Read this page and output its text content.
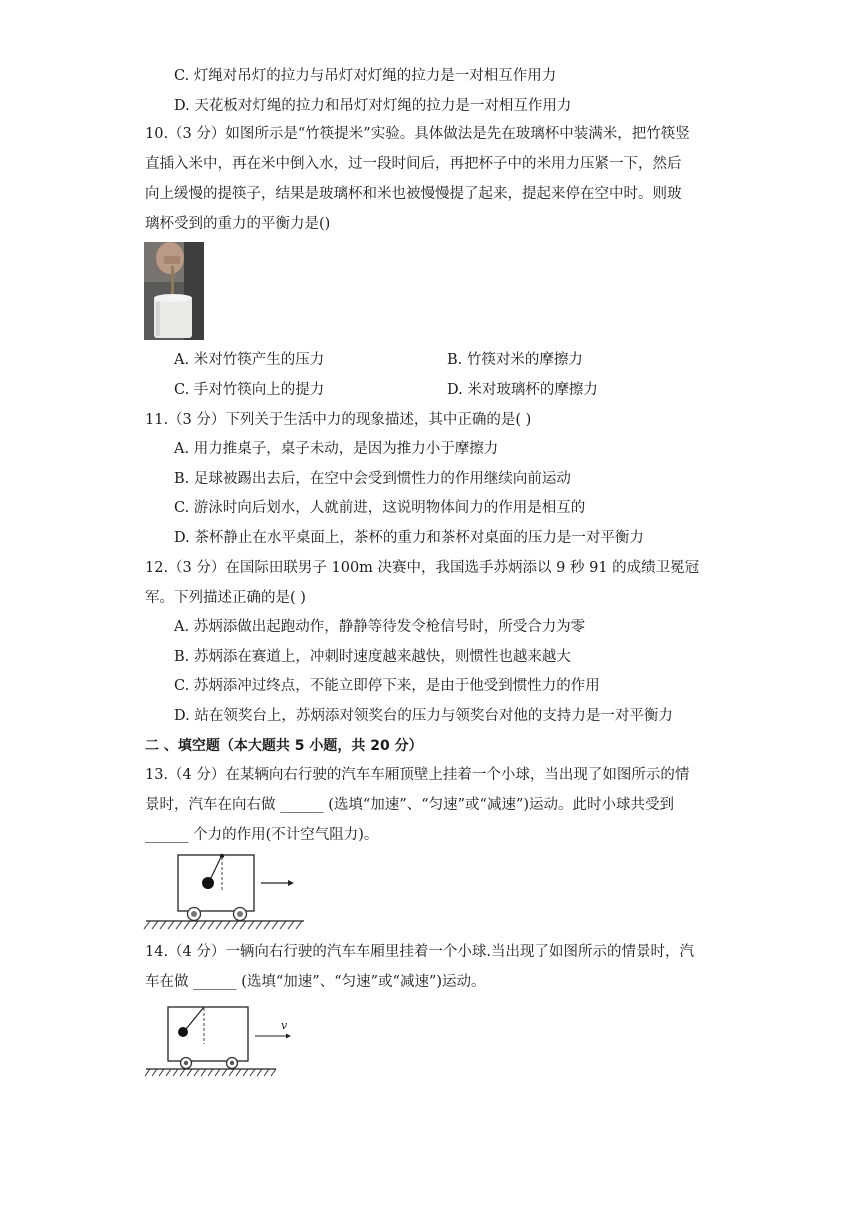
C. 灯绳对吊灯的拉力与吊灯对灯绳的拉力是一对相互作用力
D. 天花板对灯绳的拉力和吊灯对灯绳的拉力是一对相互作用力
10.（3 分）如图所示是“竹筷提米”实验。具体做法是先在玻璃杯中装满米，把竹筷竖
直插入米中，再在米中倒入水，过一段时间后，再把杯子中的米用力压紧一下，然后
向上缓慢的提筷子，结果是玻璃杯和米也被慢慢提了起来，提起来停在空中时。则玻
璃杯受到的重力的平衡力是()
A. 米对竹筷产生的压力	B. 竹筷对米的摩擦力
C. 手对竹筷向上的提力	D. 米对玻璃杯的摩擦力
11.（3 分）下列关于生活中力的现象描述，其中正确的是( )
A. 用力推桌子，桌子未动，是因为推力小于摩擦力
B. 足球被踢出去后，在空中会受到惯性力的作用继续向前运动
C. 游泳时向后划水，人就前进，这说明物体间力的作用是相互的
D. 茶杯静止在水平桌面上，茶杯的重力和茶杯对桌面的压力是一对平衡力
12.（3 分）在国际田联男子 100m 决赛中，我国选手苏炳添以 9 秒 91 的成绩卫冕冠
军。下列描述正确的是( )
A. 苏炳添做出起跑动作，静静等待发令枪信号时，所受合力为零
B. 苏炳添在赛道上，冲刺时速度越来越快，则惯性也越来越大
C. 苏炳添冲过终点，不能立即停下来，是由于他受到惯性力的作用
D. 站在领奖台上，苏炳添对领奖台的压力与领奖台对他的支持力是一对平衡力
二 、填空题（本大题共 5 小题，共 20 分）
13.（4 分）在某辆向右行驶的汽车车厢顶壁上挂着一个小球，当出现了如图所示的情
景时，汽车在向右做 ______ (选填“加速”、“匀速”或“减速”)运动。此时小球共受到
______ 个力的作用(不计空气阻力)。
14.（4 分）一辆向右行驶的汽车车厢里挂着一个小球.当出现了如图所示的情景时，汽
车在做 ______ (选填“加速”、“匀速”或“减速”)运动。
v
